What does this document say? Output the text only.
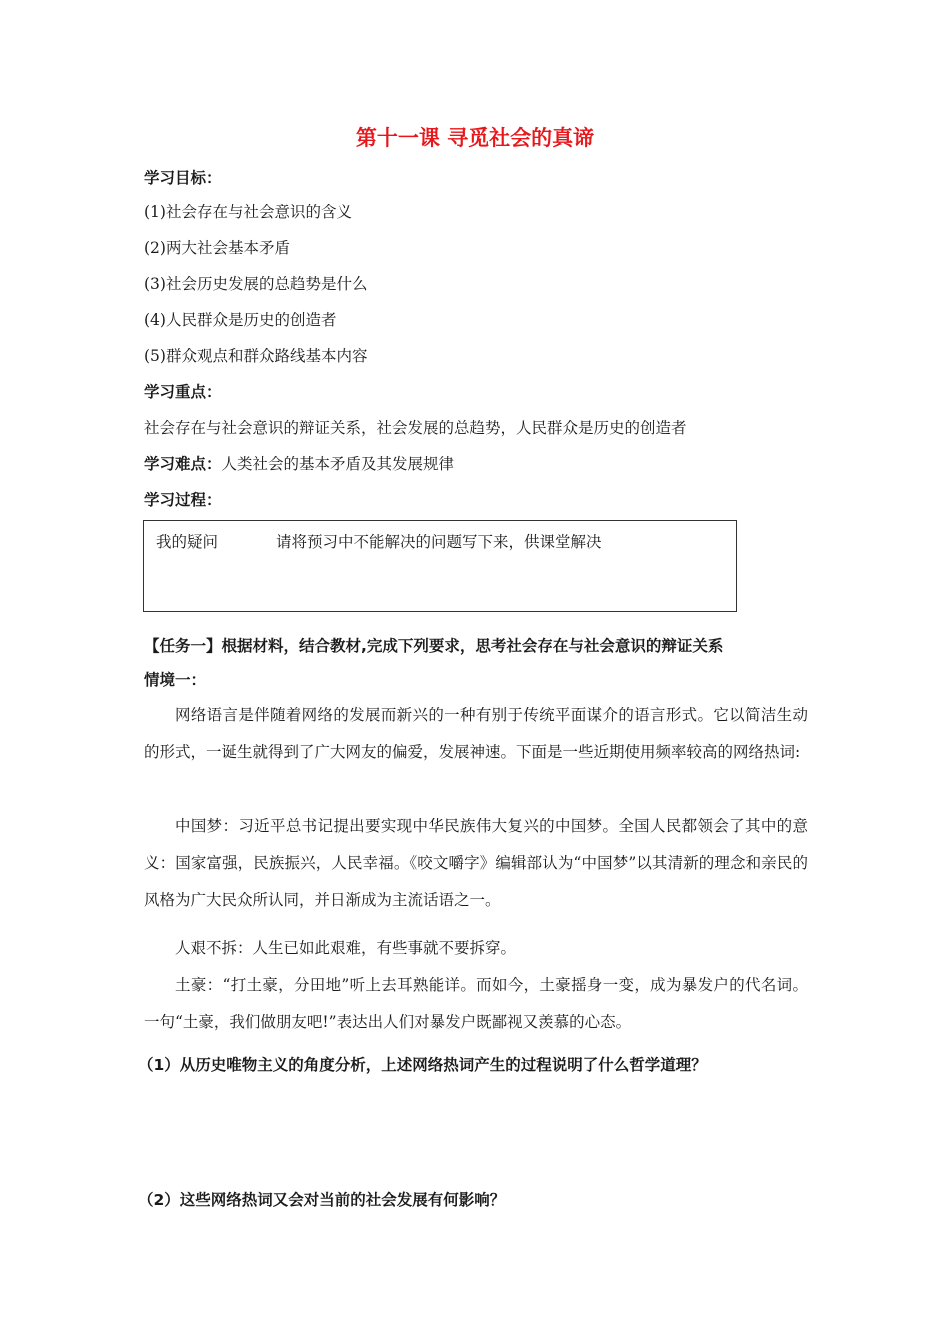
第十一课 寻觅社会的真谛
学习目标：
(1)社会存在与社会意识的含义
(2)两大社会基本矛盾
(3)社会历史发展的总趋势是什么
(4)人民群众是历史的创造者
(5)群众观点和群众路线基本内容
学习重点：
社会存在与社会意识的辩证关系，社会发展的总趋势，人民群众是历史的创造者
学习难点：人类社会的基本矛盾及其发展规律
学习过程：
我的疑问	请将预习中不能解决的问题写下来，供课堂解决
【任务一】根据材料，结合教材,完成下列要求，思考社会存在与社会意识的辩证关系
情境一：
网络语言是伴随着网络的发展而新兴的一种有别于传统平面谋介的语言形式。它以简洁生动的形式，一诞生就得到了广大网友的偏爱，发展神速。下面是一些近期使用频率较高的网络热词:
中国梦：习近平总书记提出要实现中华民族伟大复兴的中国梦。全国人民都领会了其中的意义：国家富强，民族振兴，人民幸福。《咬文嚼字》编辑部认为“中国梦”以其清新的理念和亲民的风格为广大民众所认同，并日渐成为主流话语之一。
人艰不拆：人生已如此艰难，有些事就不要拆穿。
土豪：“打土豪，分田地”听上去耳熟能详。而如今，土豪摇身一变，成为暴发户的代名词。一句“土豪，我们做朋友吧!”表达出人们对暴发户既鄙视又羡慕的心态。
（1）从历史唯物主义的角度分析，上述网络热词产生的过程说明了什么哲学道理？
（2）这些网络热词又会对当前的社会发展有何影响？
